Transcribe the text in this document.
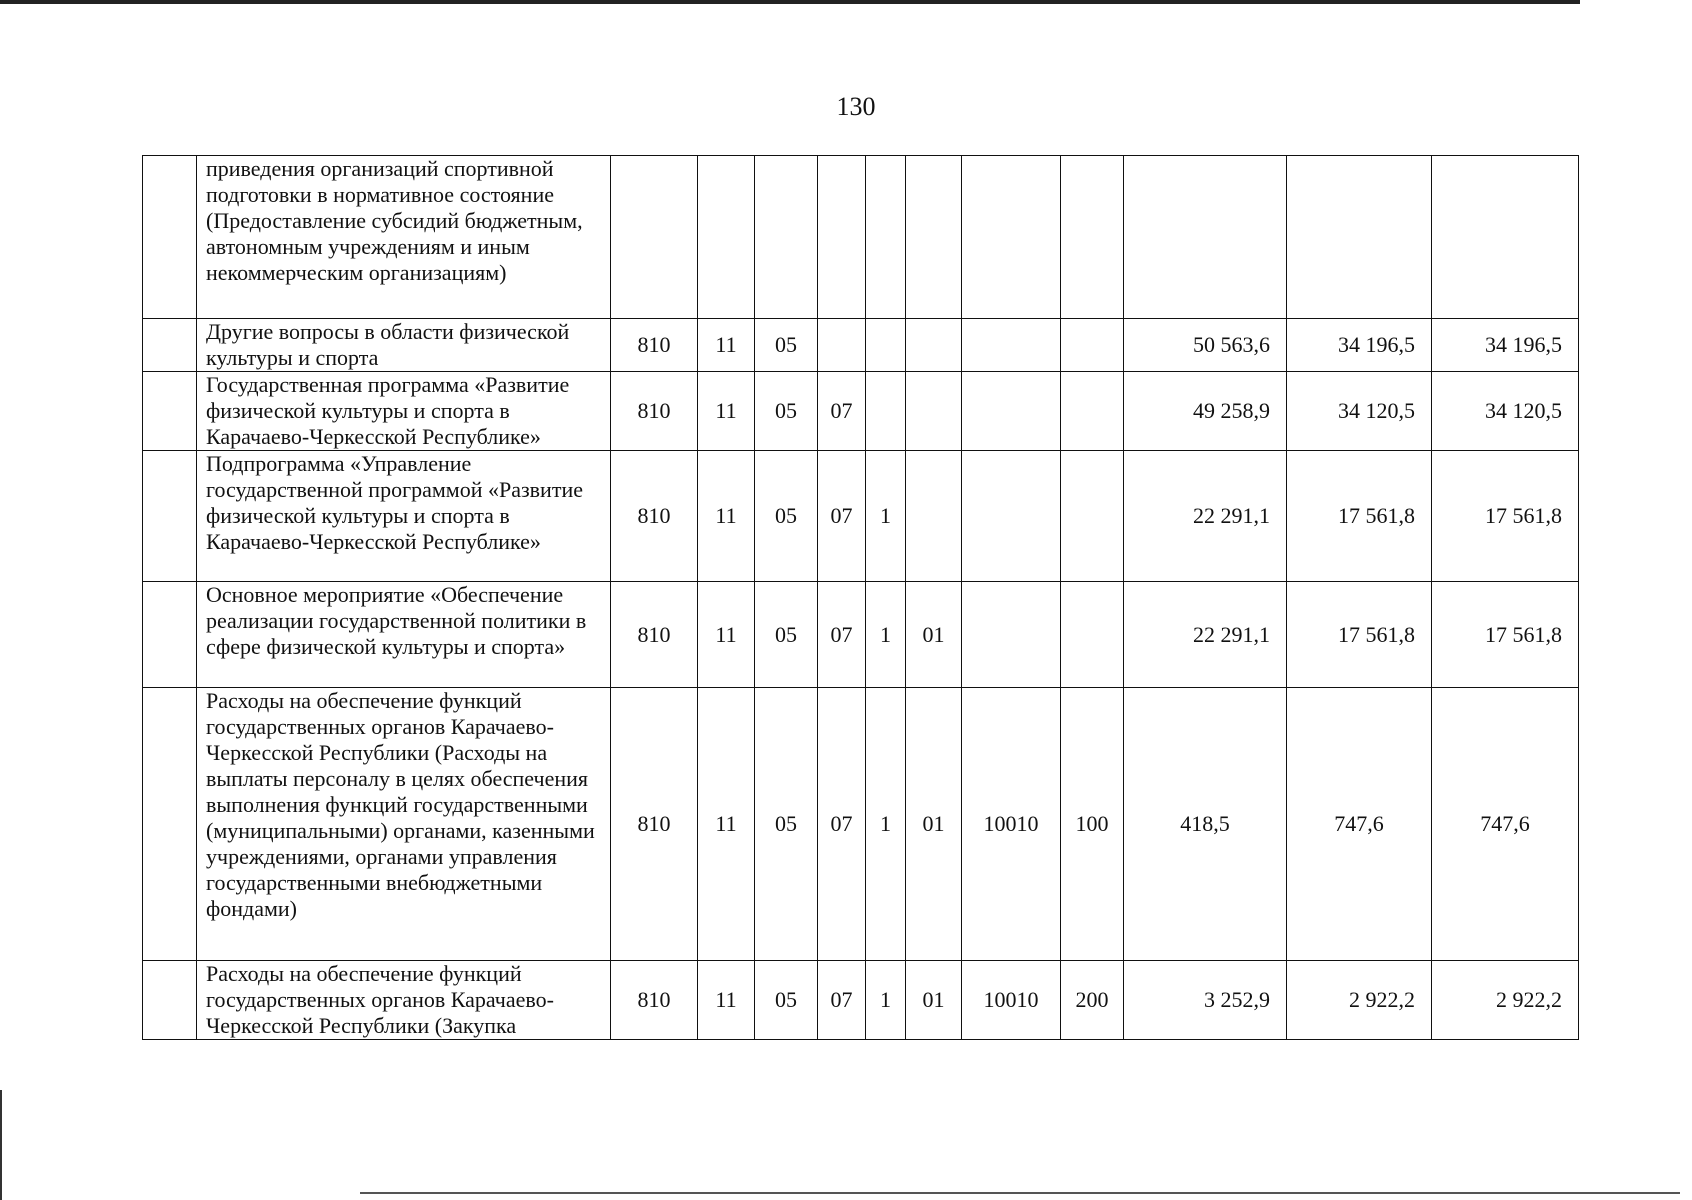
130
	приведения организаций спортивной подготовки в нормативное состояние (Предоставление субсидий бюджетным, автономным учреждениям и иным некоммерческим организациям)											
	Другие вопросы в области физической культуры и спорта	810	11	05						50 563,6	34 196,5	34 196,5
	Государственная программа «Развитие физической культуры и спорта в Карачаево-Черкесской Республике»	810	11	05	07					49 258,9	34 120,5	34 120,5
	Подпрограмма «Управление государственной программой «Развитие физической культуры и спорта в Карачаево-Черкесской Республике»	810	11	05	07	1				22 291,1	17 561,8	17 561,8
	Основное мероприятие «Обеспечение реализации государственной политики в сфере физической культуры и спорта»	810	11	05	07	1	01			22 291,1	17 561,8	17 561,8
	Расходы на обеспечение функций государственных органов Карачаево-Черкесской Республики (Расходы на выплаты персоналу в целях обеспечения выполнения функций государственными (муниципальными) органами, казенными учреждениями, органами управления государственными внебюджетными фондами)	810	11	05	07	1	01	10010	100	418,5	747,6	747,6
	Расходы на обеспечение функций государственных органов Карачаево-Черкесской Республики (Закупка	810	11	05	07	1	01	10010	200	3 252,9	2 922,2	2 922,2
